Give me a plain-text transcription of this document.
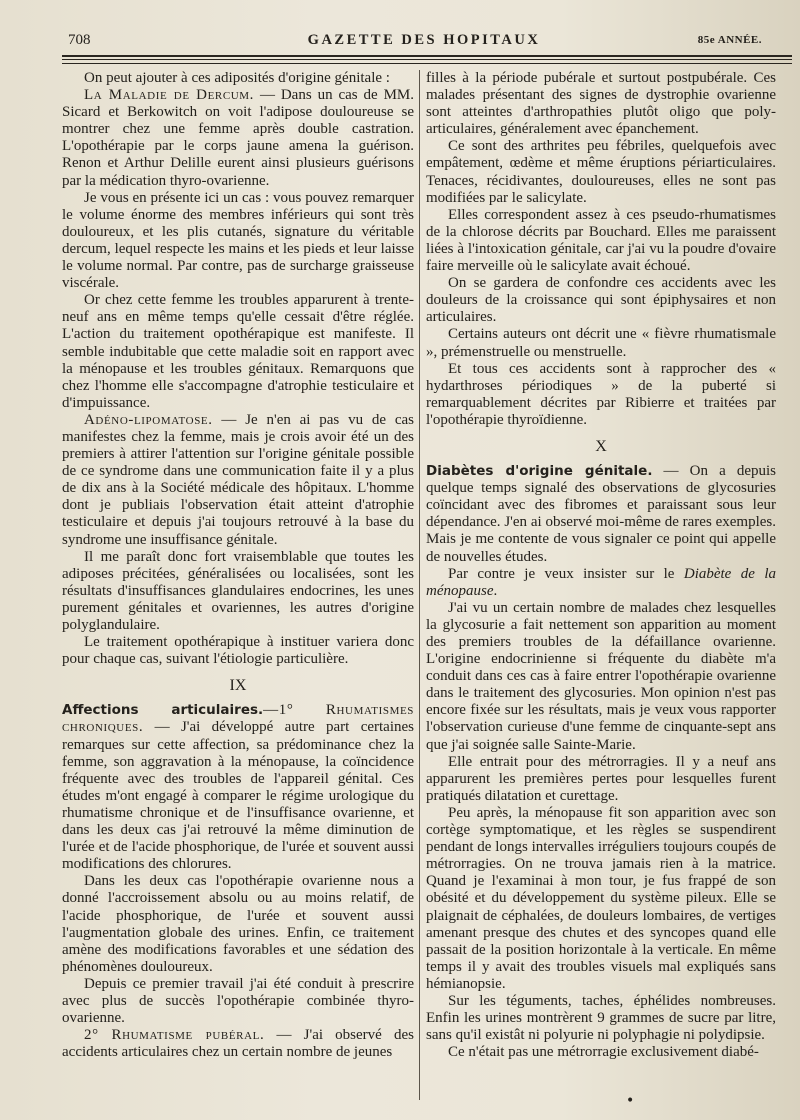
708	GAZETTE DES HOPITAUX	85e ANNÉE.

On peut ajouter à ces adiposités d'origine génitale :

La Maladie de Dercum. — Dans un cas de MM. Sicard et Berkowitch on voit l'adipose douloureuse se montrer chez une femme après double castration. L'opothérapie par le corps jaune amena la guérison. Renon et Arthur Delille eurent ainsi plusieurs guérisons par la médication thyro-ovarienne.

Je vous en présente ici un cas : vous pouvez remarquer le volume énorme des membres inférieurs qui sont très douloureux, et les plis cutanés, signature du véritable dercum, lequel respecte les mains et les pieds et leur laisse le volume normal. Par contre, pas de surcharge graisseuse viscérale.

Or chez cette femme les troubles apparurent à trente-neuf ans en même temps qu'elle cessait d'être réglée. L'action du traitement opothérapique est manifeste. Il semble indubitable que cette maladie soit en rapport avec la ménopause et les troubles génitaux. Remarquons que chez l'homme elle s'accompagne d'atrophie testiculaire et d'impuissance.

Adéno-lipomatose. — Je n'en ai pas vu de cas manifestes chez la femme, mais je crois avoir été un des premiers à attirer l'attention sur l'origine génitale possible de ce syndrome dans une communication faite il y a plus de dix ans à la Société médicale des hôpitaux. L'homme dont je publiais l'observation était atteint d'atrophie testiculaire et depuis j'ai toujours retrouvé à la base du syndrome une insuffisance génitale.

Il me paraît donc fort vraisemblable que toutes les adiposes précitées, généralisées ou localisées, sont les résultats d'insuffisances glandulaires endocrines, les unes purement génitales et ovariennes, les autres d'origine polyglandulaire.

Le traitement opothérapique à instituer variera donc pour chaque cas, suivant l'étiologie particulière.

IX

Affections articulaires.—1° Rhumatismes chroniques. — J'ai développé autre part certaines remarques sur cette affection, sa prédominance chez la femme, son aggravation à la ménopause, la coïncidence fréquente avec des troubles de l'appareil génital. Ces études m'ont engagé à comparer le régime urologique du rhumatisme chronique et de l'insuffisance ovarienne, et dans les deux cas j'ai retrouvé la même diminution de l'urée et de l'acide phosphorique, de l'urée et souvent aussi modifications des chlorures.

Dans les deux cas l'opothérapie ovarienne nous a donné l'accroissement absolu ou au moins relatif, de l'acide phosphorique, de l'urée et souvent aussi l'augmentation globale des urines. Enfin, ce traitement amène des modifications favorables et une sédation des phénomènes douloureux.

Depuis ce premier travail j'ai été conduit à prescrire avec plus de succès l'opothérapie combinée thyro-ovarienne.

2° Rhumatisme pubéral. — J'ai observé des accidents articulaires chez un certain nombre de jeunes

filles à la période pubérale et surtout postpubérale. Ces malades présentant des signes de dystrophie ovarienne sont atteintes d'arthropathies plutôt oligo que poly-articulaires, généralement avec épanchement.

Ce sont des arthrites peu fébriles, quelquefois avec empâtement, œdème et même éruptions périarticulaires. Tenaces, récidivantes, douloureuses, elles ne sont pas modifiées par le salicylate.

Elles correspondent assez à ces pseudo-rhumatismes de la chlorose décrits par Bouchard. Elles me paraissent liées à l'intoxication génitale, car j'ai vu la poudre d'ovaire faire merveille où le salicylate avait échoué.

On se gardera de confondre ces accidents avec les douleurs de la croissance qui sont épiphysaires et non articulaires.

Certains auteurs ont décrit une « fièvre rhumatismale », prémenstruelle ou menstruelle.

Et tous ces accidents sont à rapprocher des « hydarthroses périodiques » de la puberté si remarquablement décrites par Ribierre et traitées par l'opothérapie thyroïdienne.

X

Diabètes d'origine génitale. — On a depuis quelque temps signalé des observations de glycosuries coïncidant avec des fibromes et paraissant sous leur dépendance. J'en ai observé moi-même de rares exemples. Mais je me contente de vous signaler ce point qui appelle de nouvelles études.

Par contre je veux insister sur le Diabète de la ménopause.

J'ai vu un certain nombre de malades chez lesquelles la glycosurie a fait nettement son apparition au moment des premiers troubles de la défaillance ovarienne. L'origine endocrinienne si fréquente du diabète m'a conduit dans ces cas à faire entrer l'opothérapie ovarienne dans le traitement des glycosuries. Mon opinion n'est pas encore fixée sur les résultats, mais je veux vous rapporter l'observation curieuse d'une femme de cinquante-sept ans que j'ai soignée salle Sainte-Marie.

Elle entrait pour des métrorragies. Il y a neuf ans apparurent les premières pertes pour lesquelles furent pratiqués dilatation et curettage.

Peu après, la ménopause fit son apparition avec son cortège symptomatique, et les règles se suspendirent pendant de longs intervalles irréguliers toujours coupés de métrorragies. On ne trouva jamais rien à la matrice. Quand je l'examinai à mon tour, je fus frappé de son obésité et du développement du système pileux. Elle se plaignait de céphalées, de douleurs lombaires, de vertiges amenant presque des chutes et des syncopes quand elle passait de la position horizontale à la verticale. En même temps il y avait des troubles visuels mal expliqués sans hémianopsie.

Sur les téguments, taches, éphélides nombreuses. Enfin les urines montrèrent 9 grammes de sucre par litre, sans qu'il existât ni polyurie ni polyphagie ni polydipsie.

Ce n'était pas une métrorragie exclusivement diabé-

•
